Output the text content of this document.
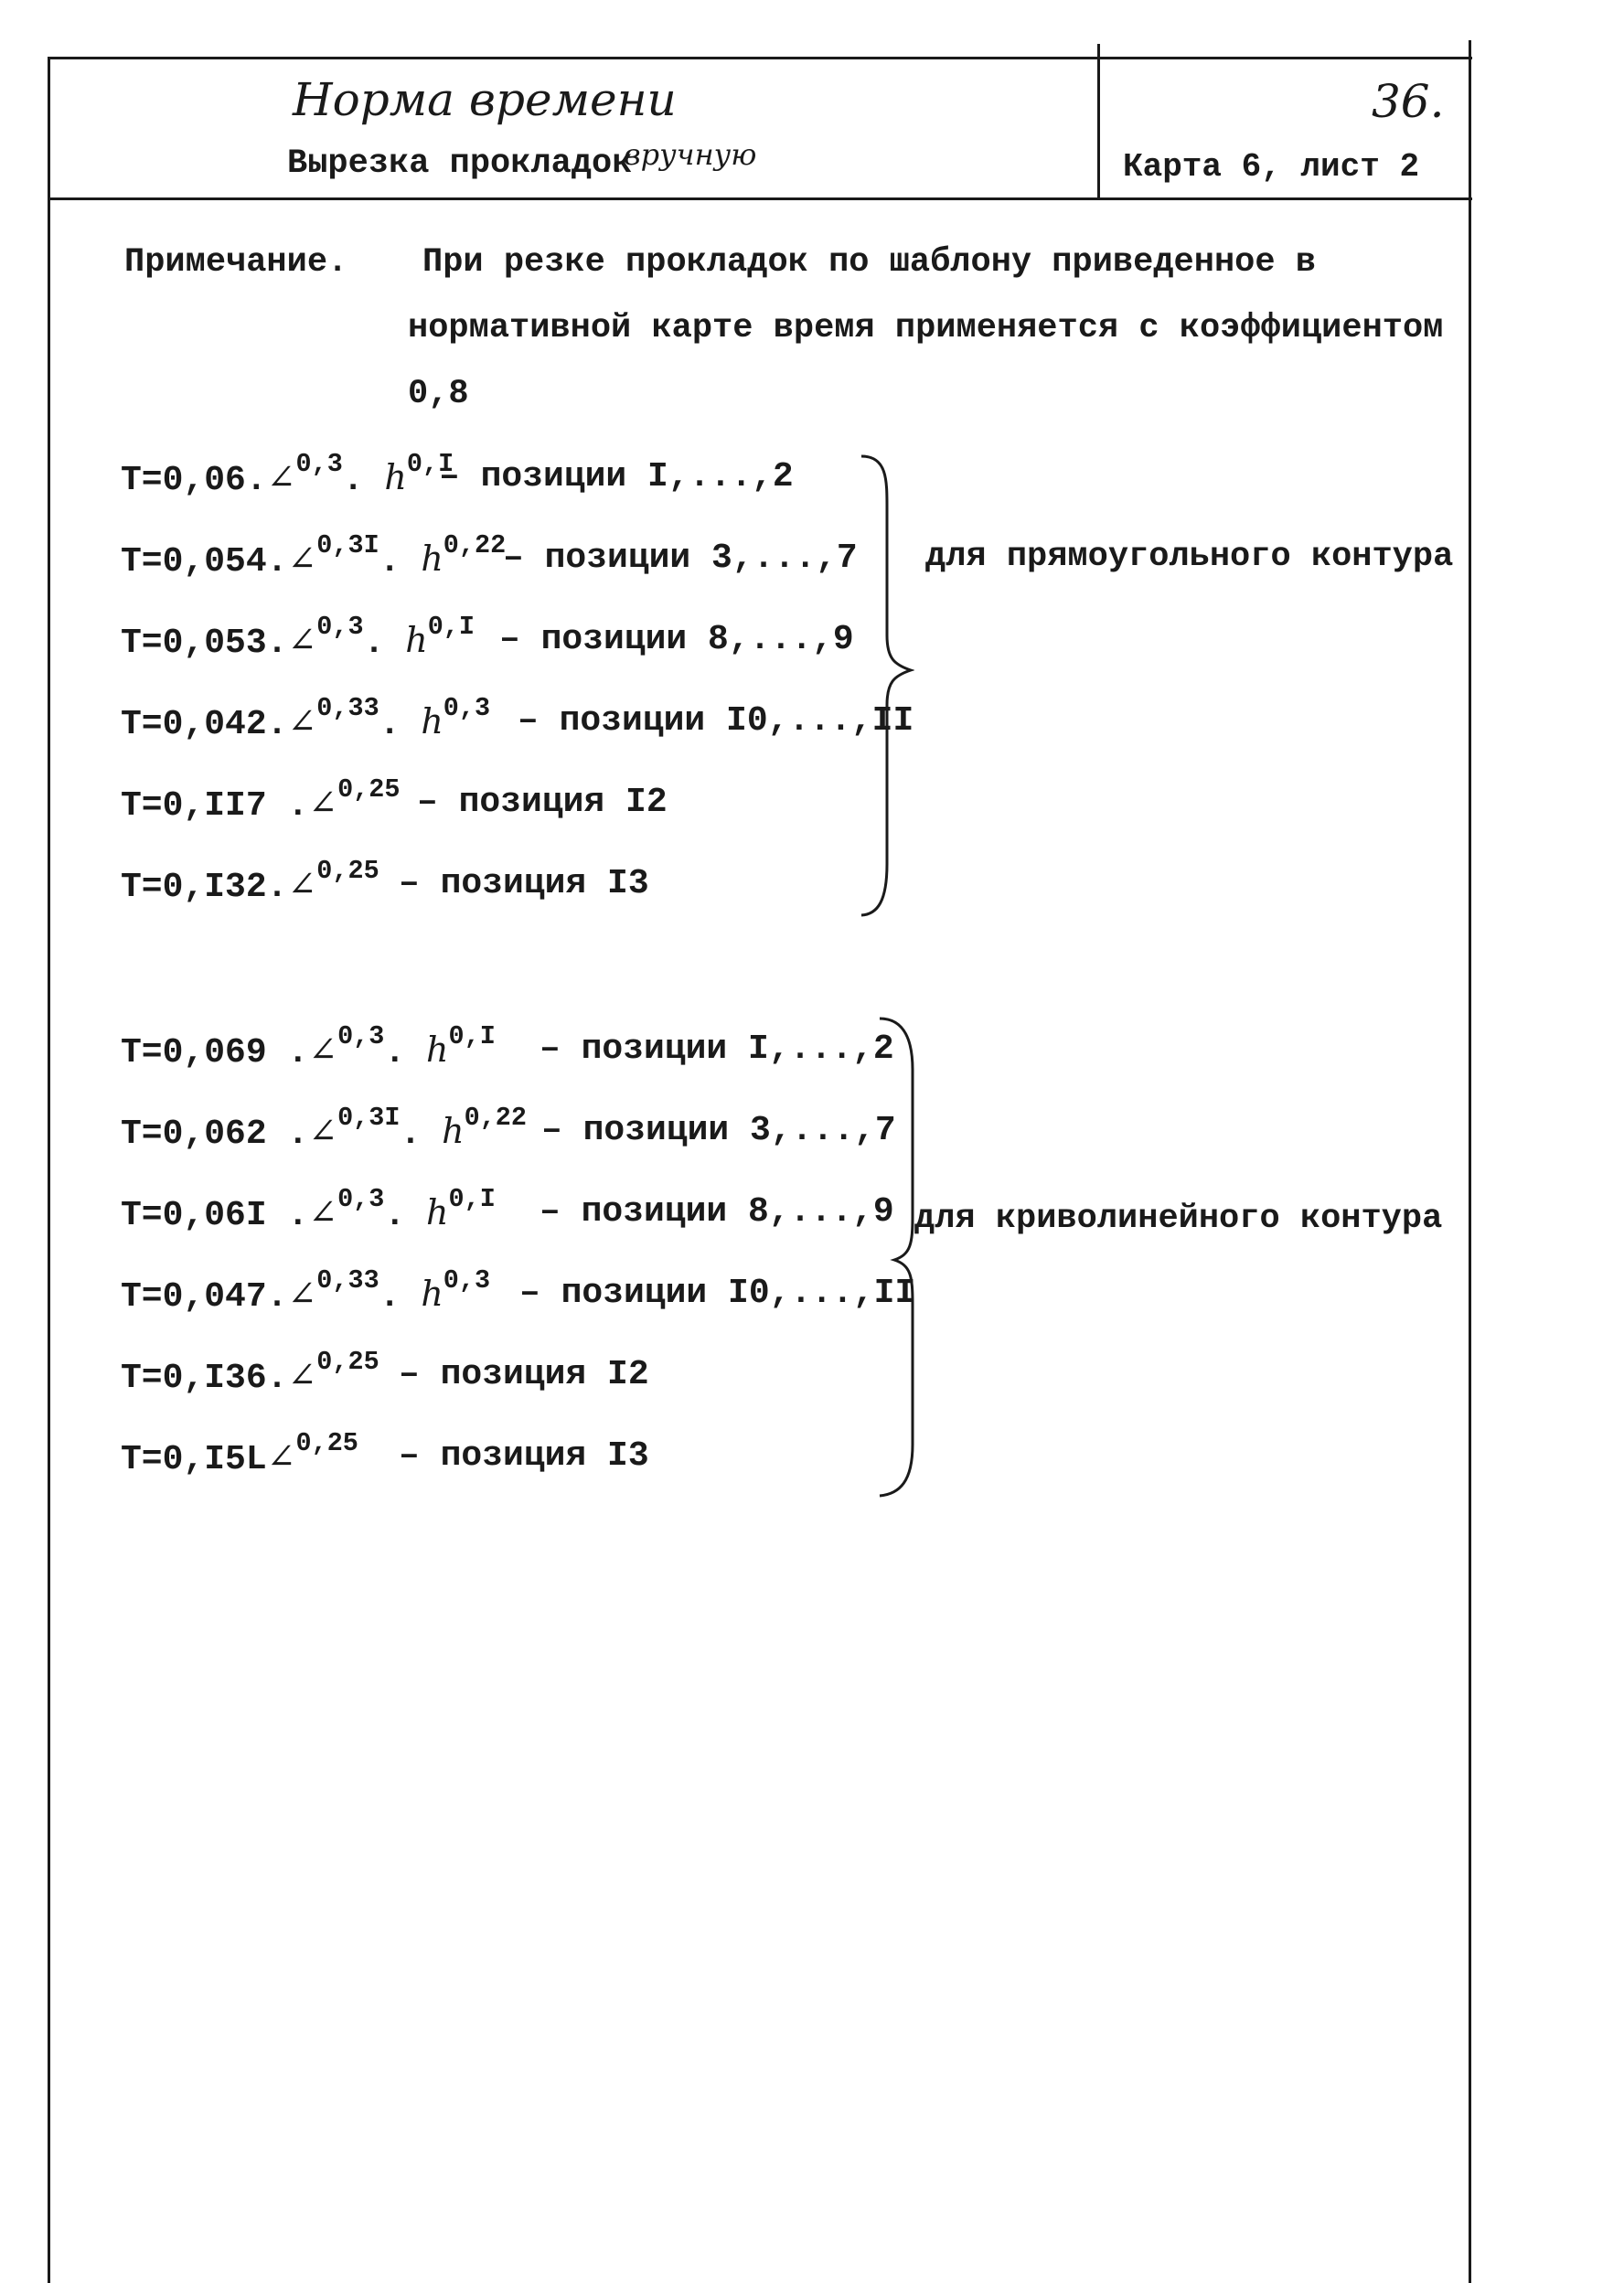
Норма времени	36.
Вырезка прокладок
вручную	Карта 6, лист 2
Примечание. При резке прокладок по шаблону приведенное в
нормативной карте время применяется с коэффициентом
0,8
T=0,06.∠$^{0,3}$. $h^{0,I}$
– позиции I,...,2
T=0,054.∠$^{0,3I}$. $h^{0,22}$
– позиции 3,...,7
T=0,053.∠$^{0,3}$. $h^{0,I}$ – позиции 8,...,9
T=0,042.∠$^{0,33}$. $h^{0,3}$ – позиции I0,...,II
T=0,II7 .∠$^{0,25}$ – позиция I2
T=0,I32.∠$^{0,25}$ – позиция I3
для прямоугольного контура
T=0,069 .∠$^{0,3}$. $h^{0,I}$ – позиции I,...,2
T=0,062 .∠$^{0,3I}$. $h^{0,22}$ – позиции 3,...,7
T=0,06I .∠$^{0,3}$. $h^{0,I}$ – позиции 8,...,9
T=0,047.∠$^{0,33}$. $h^{0,3}$ – позиции I0,...,II
T=0,I36.∠$^{0,25}$ – позиция I2
T=0,I5L∠$^{0,25}$ – позиция I3
для криволинейного контура
